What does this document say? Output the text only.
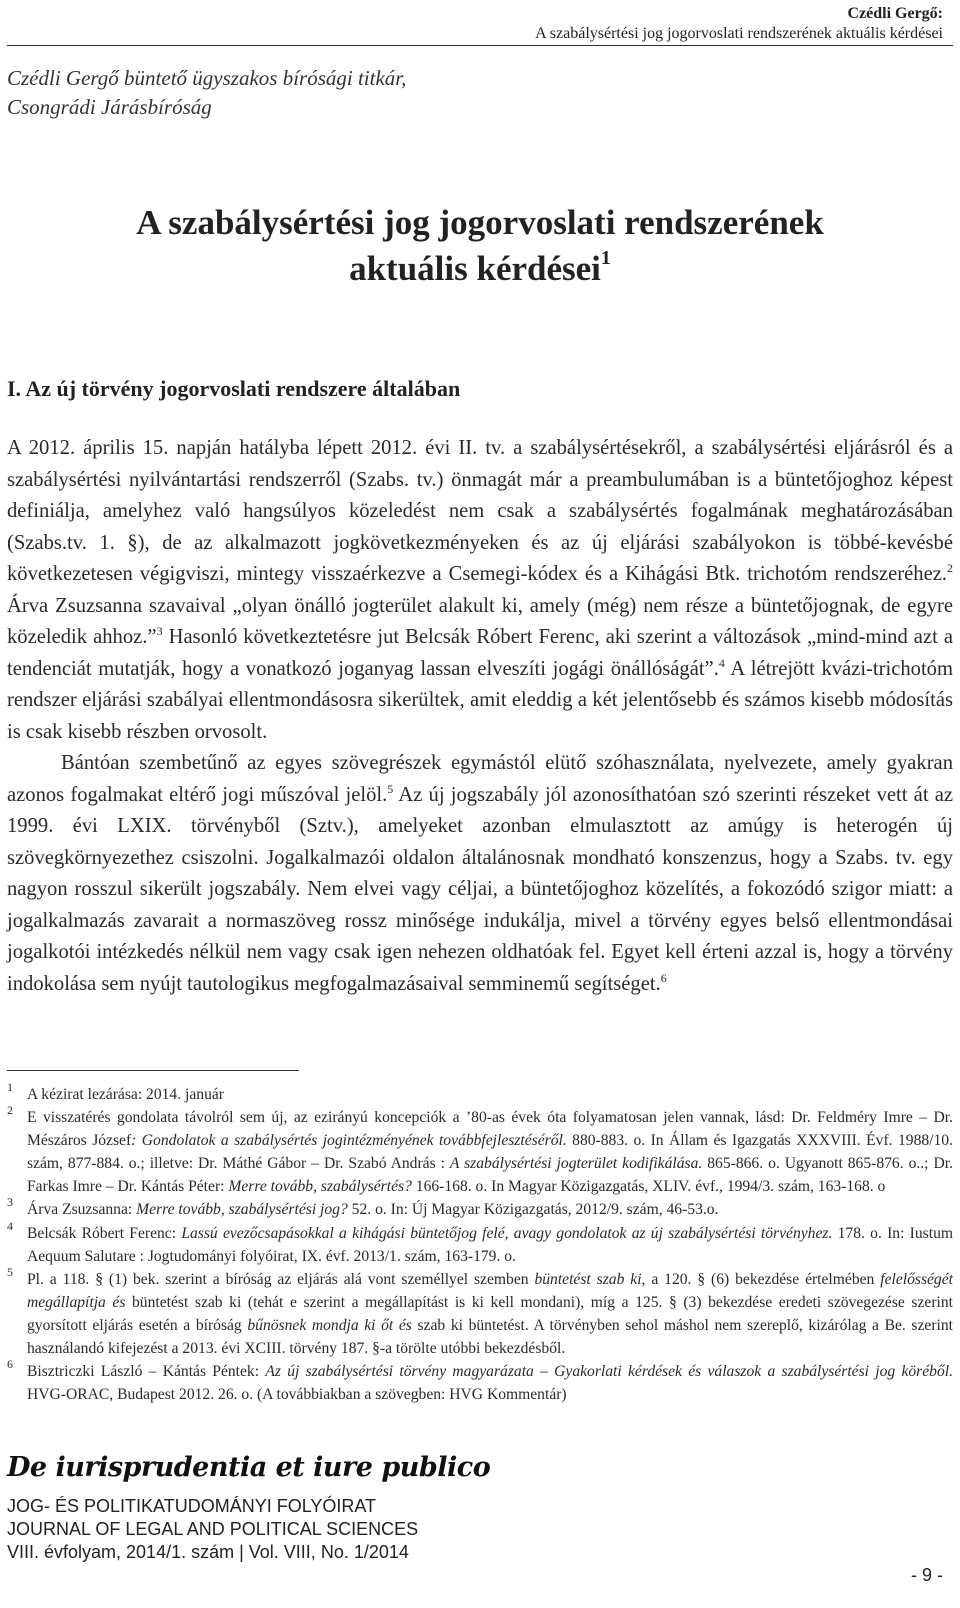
Czédli Gergő:
A szabálysértési jog jogorvoslati rendszerének aktuális kérdései
Czédli Gergő büntető ügyszakos bírósági titkár,
Csongrádi Járásbíróság
A szabálysértési jog jogorvoslati rendszerének
aktuális kérdései$^1$
I. Az új törvény jogorvoslati rendszere általában

A 2012. április 15. napján hatályba lépett 2012. évi II. tv. a szabálysértésekről, a szabálysértési eljárásról és a szabálysértési nyilvántartási rendszerről (Szabs. tv.) önmagát már a preambulumában is a büntetőjoghoz képest definiálja, amelyhez való hangsúlyos közeledést nem csak a szabálysértés fogalmának meghatározásában (Szabs.tv. 1. §), de az alkalmazott jogkövetkezményeken és az új eljárási szabályokon is többé-kevésbé következetesen végigviszi, mintegy visszaérkezve a Csemegi-kódex és a Kihágási Btk. trichotóm rendszeréhez.$^2$ Árva Zsuzsanna szavaival „olyan önálló jogterület alakult ki, amely (még) nem része a büntetőjognak, de egyre közeledik ahhoz.”$^3$ Hasonló következtetésre jut Belcsák Róbert Ferenc, aki szerint a változások „mind-mind azt a tendenciát mutatják, hogy a vonatkozó joganyag lassan elveszíti jogági önállóságát”.$^4$ A létrejött kvázi-trichotóm rendszer eljárási szabályai ellentmondásosra sikerültek, amit eleddig a két jelentősebb és számos kisebb módosítás is csak kisebb részben orvosolt.

Bántóan szembetűnő az egyes szövegrészek egymástól elütő szóhasználata, nyelvezete, amely gyakran azonos fogalmakat eltérő jogi műszóval jelöl.$^5$ Az új jogszabály jól azonosíthatóan szó szerinti részeket vett át az 1999. évi LXIX. törvényből (Sztv.), amelyeket azonban elmulasztott az amúgy is heterogén új szövegkörnyezethez csiszolni. Jogalkalmazói oldalon általánosnak mondható konszenzus, hogy a Szabs. tv. egy nagyon rosszul sikerült jogszabály. Nem elvei vagy céljai, a büntetőjoghoz közelítés, a fokozódó szigor miatt: a jogalkalmazás zavarait a normaszöveg rossz minősége indukálja, mivel a törvény egyes belső ellentmondásai jogalkotói intézkedés nélkül nem vagy csak igen nehezen oldhatóak fel. Egyet kell érteni azzal is, hogy a törvény indokolása sem nyújt tautologikus megfogalmazásaival semminemű segítséget.$^6$

$^1$ A kézirat lezárása: 2014. január

$^2$ E visszatérés gondolata távolról sem új, az ezirányú koncepciók a ’80-as évek óta folyamatosan jelen vannak, lásd: Dr. Feldméry Imre – Dr. Mészáros József: Gondolatok a szabálysértés jogintézményének továbbfejlesztéséről. 880-883. o. In Állam és Igazgatás XXXVIII. Évf. 1988/10. szám, 877-884. o.; illetve: Dr. Máthé Gábor – Dr. Szabó András : A szabálysértési jogterület kodifikálása. 865-866. o. Ugyanott 865-876. o..; Dr. Farkas Imre – Dr. Kántás Péter: Merre tovább, szabálysértés? 166-168. o. In Magyar Közigazgatás, XLIV. évf., 1994/3. szám, 163-168. o

$^3$ Árva Zsuzsanna: Merre tovább, szabálysértési jog? 52. o. In: Új Magyar Közigazgatás, 2012/9. szám, 46-53.o.

$^4$ Belcsák Róbert Ferenc: Lassú evezőcsapásokkal a kihágási büntetőjog felé, avagy gondolatok az új szabálysértési törvényhez. 178. o. In: Iustum Aequum Salutare : Jogtudományi folyóirat, IX. évf. 2013/1. szám, 163-179. o.

$^5$ Pl. a 118. § (1) bek. szerint a bíróság az eljárás alá vont személlyel szemben büntetést szab ki, a 120. § (6) bekezdése értelmében felelősségét megállapítja és büntetést szab ki (tehát e szerint a megállapítást is ki kell mondani), míg a 125. § (3) bekezdése eredeti szövegezése szerint gyorsított eljárás esetén a bíróság bűnösnek mondja ki őt és szab ki büntetést. A törvényben sehol máshol nem szereplő, kizárólag a Be. szerint használandó kifejezést a 2013. évi XCIII. törvény 187. §-a törölte utóbbi bekezdésből.

$^6$ Bisztriczki László – Kántás Péntek: Az új szabálysértési törvény magyarázata – Gyakorlati kérdések és válaszok a szabálysértési jog köréből. HVG-ORAC, Budapest 2012. 26. o. (A továbbiakban a szövegben: HVG Kommentár)

De iurisprudentia et iure publico
JOG- ÉS POLITIKATUDOMÁNYI FOLYÓIRAT
JOURNAL OF LEGAL AND POLITICAL SCIENCES
VIII. évfolyam, 2014/1. szám | Vol. VIII, No. 1/2014
- 9 -
